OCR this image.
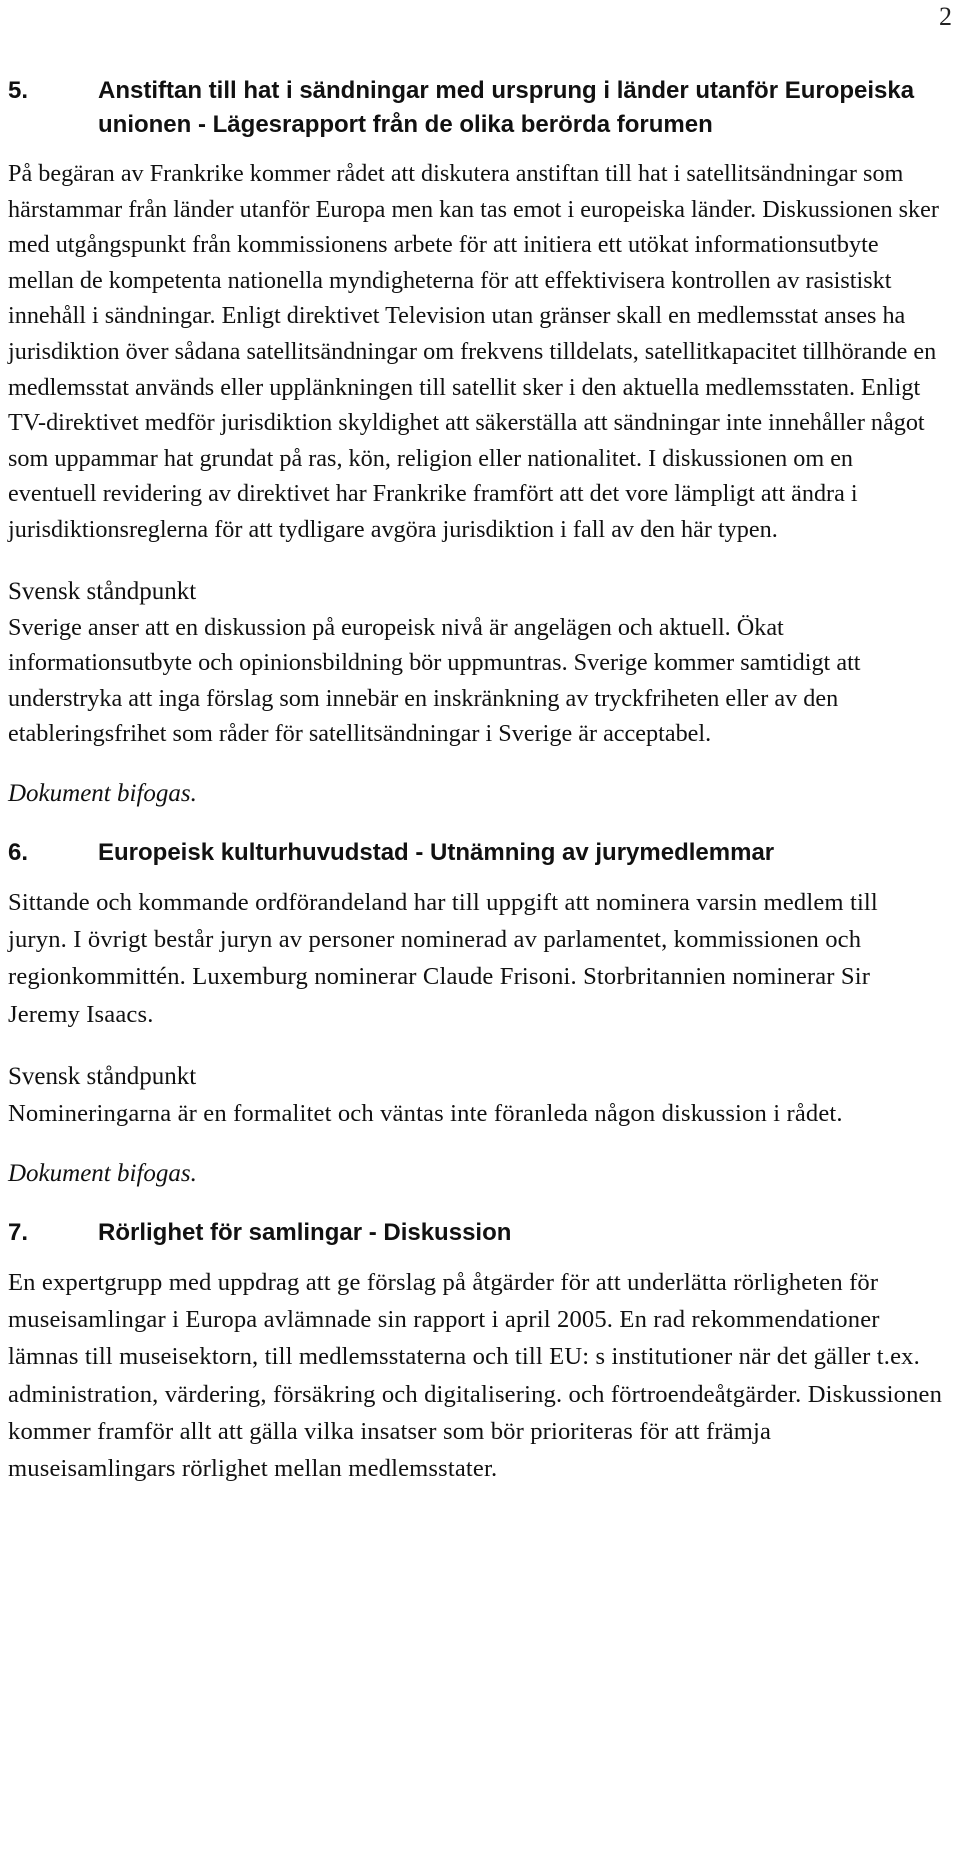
2
5.	Anstiftan till hat i sändningar med ursprung i länder utanför Europeiska unionen - Lägesrapport från de olika berörda forumen

På begäran av Frankrike kommer rådet att diskutera anstiftan till hat i satellitsändningar som härstammar från länder utanför Europa men kan tas emot i europeiska länder. Diskussionen sker med utgångspunkt från kommissionens arbete för att initiera ett utökat informationsutbyte mellan de kompetenta nationella myndigheterna för att effektivisera kontrollen av rasistiskt innehåll i sändningar. Enligt direktivet Television utan gränser skall en medlemsstat anses ha jurisdiktion över sådana satellitsändningar om frekvens tilldelats, satellitkapacitet tillhörande en medlemsstat används eller upplänkningen till satellit sker i den aktuella medlemsstaten. Enligt TV-direktivet medför jurisdiktion skyldighet att säkerställa att sändningar inte innehåller något som uppammar hat grundat på ras, kön, religion eller nationalitet. I diskussionen om en eventuell revidering av direktivet har Frankrike framfört att det vore lämpligt att ändra i jurisdiktionsreglerna för att tydligare avgöra jurisdiktion i fall av den här typen.

Svensk ståndpunkt

Sverige anser att en diskussion på europeisk nivå är angelägen och aktuell. Ökat informationsutbyte och opinionsbildning bör uppmuntras. Sverige kommer samtidigt att understryka att inga förslag som innebär en inskränkning av tryckfriheten eller av den etableringsfrihet som råder för satellitsändningar i Sverige är acceptabel.

Dokument bifogas.

6.	Europeisk kulturhuvudstad - Utnämning av jurymedlemmar

Sittande och kommande ordförandeland har till uppgift att nominera varsin medlem till juryn. I övrigt består juryn av personer nominerad av parlamentet, kommissionen och regionkommittén. Luxemburg nominerar Claude Frisoni. Storbritannien nominerar Sir Jeremy Isaacs.

Svensk ståndpunkt

Nomineringarna är en formalitet och väntas inte föranleda någon diskussion i rådet.

Dokument bifogas.

7.	Rörlighet för samlingar - Diskussion

En expertgrupp med uppdrag att ge förslag på åtgärder för att underlätta rörligheten för museisamlingar i Europa avlämnade sin rapport i april 2005. En rad rekommendationer lämnas till museisektorn, till medlemsstaterna och till EU: s institutioner när det gäller t.ex. administration, värdering, försäkring och digitalisering. och förtroendeåtgärder. Diskussionen kommer framför allt att gälla vilka insatser som bör prioriteras för att främja museisamlingars rörlighet mellan medlemsstater.
